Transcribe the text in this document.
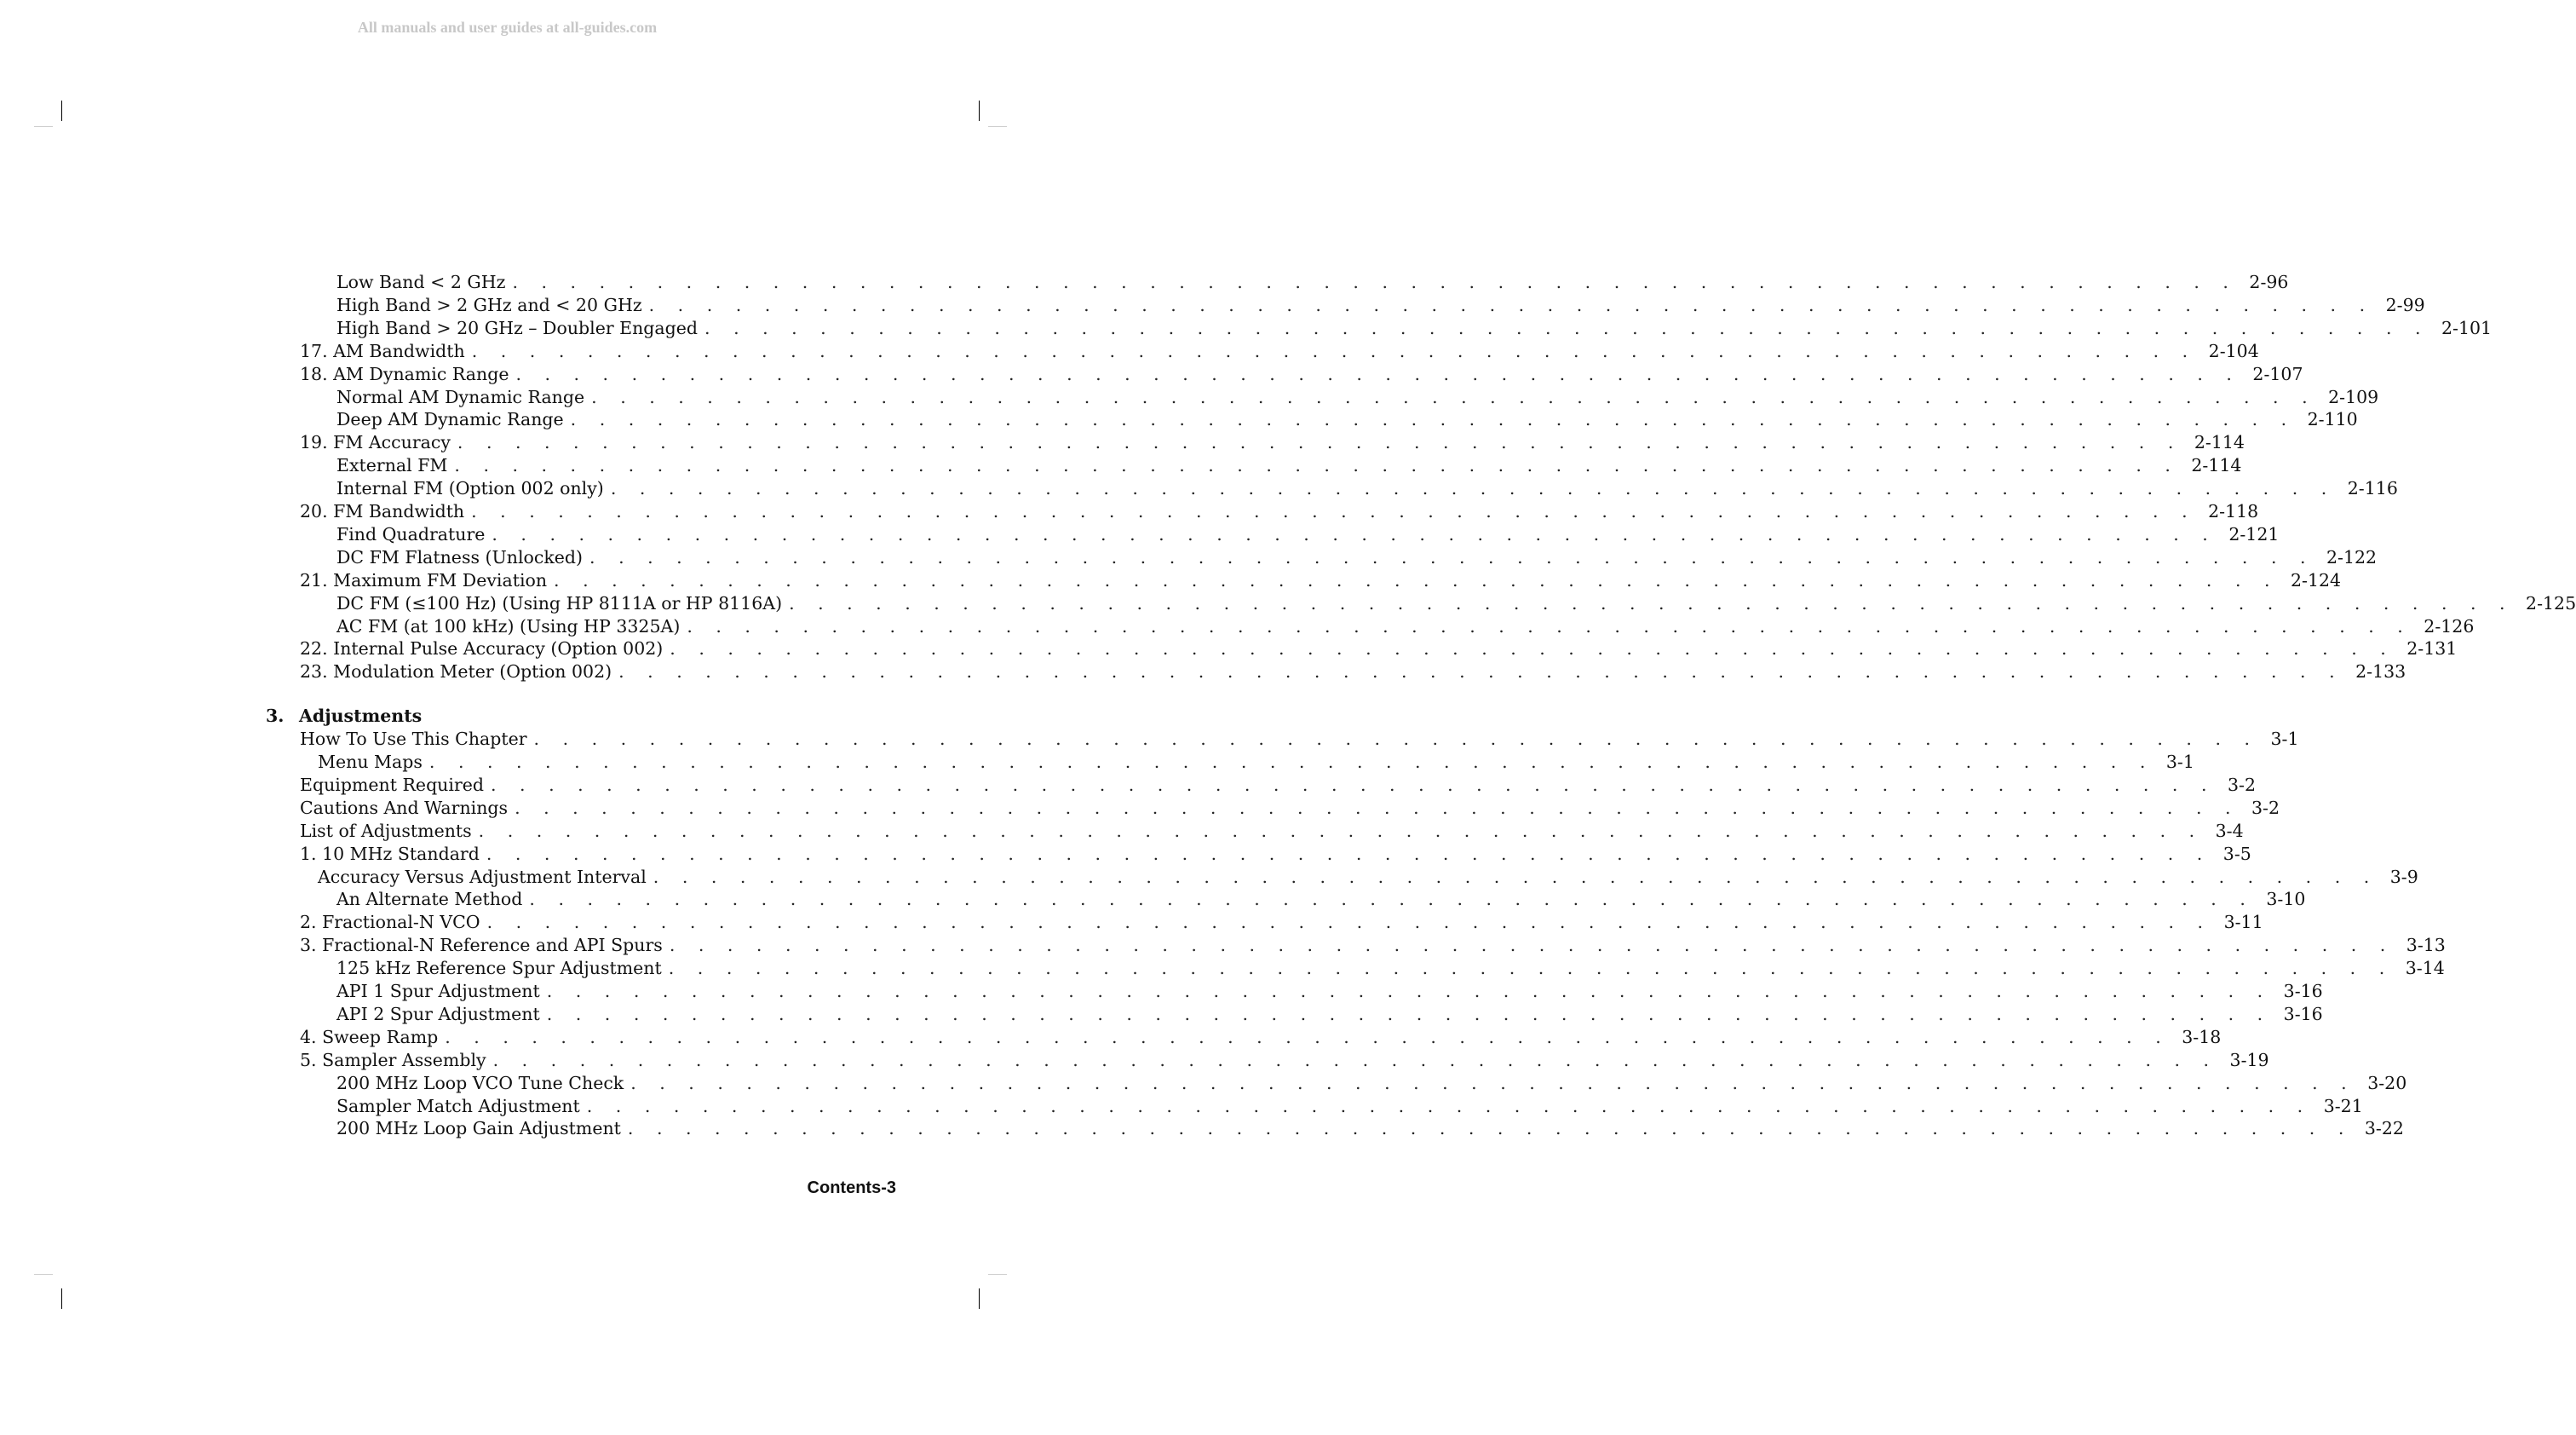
All manuals and user guides at all-guides.com
Low Band < 2 GHz . . . . . . . . . . . . . . . . . . . . . . . . . . . . . . . . . . . . . . . . . . . . . . . . . . . . . . . . . . . . 2-96
High Band > 2 GHz and < 20 GHz . . . . . . . . . . . . . . . . . . . . . . . . . . . . . . . . . . . . . . . . . . . . . . . . . . . . . . . . . . . . 2-99
High Band > 20 GHz – Doubler Engaged . . . . . . . . . . . . . . . . . . . . . . . . . . . . . . . . . . . . . . . . . . . . . . . . . . . . . . . . . . . . 2-101
17. AM Bandwidth . . . . . . . . . . . . . . . . . . . . . . . . . . . . . . . . . . . . . . . . . . . . . . . . . . . . . . . . . . . . 2-104
18. AM Dynamic Range . . . . . . . . . . . . . . . . . . . . . . . . . . . . . . . . . . . . . . . . . . . . . . . . . . . . . . . . . . . . 2-107
Normal AM Dynamic Range . . . . . . . . . . . . . . . . . . . . . . . . . . . . . . . . . . . . . . . . . . . . . . . . . . . . . . . . . . . . 2-109
Deep AM Dynamic Range . . . . . . . . . . . . . . . . . . . . . . . . . . . . . . . . . . . . . . . . . . . . . . . . . . . . . . . . . . . . 2-110
19. FM Accuracy . . . . . . . . . . . . . . . . . . . . . . . . . . . . . . . . . . . . . . . . . . . . . . . . . . . . . . . . . . . . 2-114
External FM . . . . . . . . . . . . . . . . . . . . . . . . . . . . . . . . . . . . . . . . . . . . . . . . . . . . . . . . . . . . 2-114
Internal FM (Option 002 only) . . . . . . . . . . . . . . . . . . . . . . . . . . . . . . . . . . . . . . . . . . . . . . . . . . . . . . . . . . . . 2-116
20. FM Bandwidth . . . . . . . . . . . . . . . . . . . . . . . . . . . . . . . . . . . . . . . . . . . . . . . . . . . . . . . . . . . . 2-118
Find Quadrature . . . . . . . . . . . . . . . . . . . . . . . . . . . . . . . . . . . . . . . . . . . . . . . . . . . . . . . . . . . . 2-121
DC FM Flatness (Unlocked) . . . . . . . . . . . . . . . . . . . . . . . . . . . . . . . . . . . . . . . . . . . . . . . . . . . . . . . . . . . . 2-122
21. Maximum FM Deviation . . . . . . . . . . . . . . . . . . . . . . . . . . . . . . . . . . . . . . . . . . . . . . . . . . . . . . . . . . . . 2-124
DC FM (≤100 Hz) (Using HP 8111A or HP 8116A) . . . . . . . . . . . . . . . . . . . . . . . . . . . . . . . . . . . . . . . . . . . . . . . . . . . . . . . . . . . . 2-125
AC FM (at 100 kHz) (Using HP 3325A) . . . . . . . . . . . . . . . . . . . . . . . . . . . . . . . . . . . . . . . . . . . . . . . . . . . . . . . . . . . . 2-126
22. Internal Pulse Accuracy (Option 002) . . . . . . . . . . . . . . . . . . . . . . . . . . . . . . . . . . . . . . . . . . . . . . . . . . . . . . . . . . . . 2-131
23. Modulation Meter (Option 002) . . . . . . . . . . . . . . . . . . . . . . . . . . . . . . . . . . . . . . . . . . . . . . . . . . . . . . . . . . . . 2-133
3. Adjustments
How To Use This Chapter . . . . . . . . . . . . . . . . . . . . . . . . . . . . . . . . . . . . . . . . . . . . . . . . . . . . . . . . . . . . 3-1
Menu Maps . . . . . . . . . . . . . . . . . . . . . . . . . . . . . . . . . . . . . . . . . . . . . . . . . . . . . . . . . . . . 3-1
Equipment Required . . . . . . . . . . . . . . . . . . . . . . . . . . . . . . . . . . . . . . . . . . . . . . . . . . . . . . . . . . . . 3-2
Cautions And Warnings . . . . . . . . . . . . . . . . . . . . . . . . . . . . . . . . . . . . . . . . . . . . . . . . . . . . . . . . . . . . 3-2
List of Adjustments . . . . . . . . . . . . . . . . . . . . . . . . . . . . . . . . . . . . . . . . . . . . . . . . . . . . . . . . . . . . 3-4
1. 10 MHz Standard . . . . . . . . . . . . . . . . . . . . . . . . . . . . . . . . . . . . . . . . . . . . . . . . . . . . . . . . . . . . 3-5
Accuracy Versus Adjustment Interval . . . . . . . . . . . . . . . . . . . . . . . . . . . . . . . . . . . . . . . . . . . . . . . . . . . . . . . . . . . . 3-9
An Alternate Method . . . . . . . . . . . . . . . . . . . . . . . . . . . . . . . . . . . . . . . . . . . . . . . . . . . . . . . . . . . . 3-10
2. Fractional-N VCO . . . . . . . . . . . . . . . . . . . . . . . . . . . . . . . . . . . . . . . . . . . . . . . . . . . . . . . . . . . . 3-11
3. Fractional-N Reference and API Spurs . . . . . . . . . . . . . . . . . . . . . . . . . . . . . . . . . . . . . . . . . . . . . . . . . . . . . . . . . . . . 3-13
125 kHz Reference Spur Adjustment . . . . . . . . . . . . . . . . . . . . . . . . . . . . . . . . . . . . . . . . . . . . . . . . . . . . . . . . . . . . 3-14
API 1 Spur Adjustment . . . . . . . . . . . . . . . . . . . . . . . . . . . . . . . . . . . . . . . . . . . . . . . . . . . . . . . . . . . . 3-16
API 2 Spur Adjustment . . . . . . . . . . . . . . . . . . . . . . . . . . . . . . . . . . . . . . . . . . . . . . . . . . . . . . . . . . . . 3-16
4. Sweep Ramp . . . . . . . . . . . . . . . . . . . . . . . . . . . . . . . . . . . . . . . . . . . . . . . . . . . . . . . . . . . . 3-18
5. Sampler Assembly . . . . . . . . . . . . . . . . . . . . . . . . . . . . . . . . . . . . . . . . . . . . . . . . . . . . . . . . . . . . 3-19
200 MHz Loop VCO Tune Check . . . . . . . . . . . . . . . . . . . . . . . . . . . . . . . . . . . . . . . . . . . . . . . . . . . . . . . . . . . . 3-20
Sampler Match Adjustment . . . . . . . . . . . . . . . . . . . . . . . . . . . . . . . . . . . . . . . . . . . . . . . . . . . . . . . . . . . . 3-21
200 MHz Loop Gain Adjustment . . . . . . . . . . . . . . . . . . . . . . . . . . . . . . . . . . . . . . . . . . . . . . . . . . . . . . . . . . . . 3-22
Contents-3
